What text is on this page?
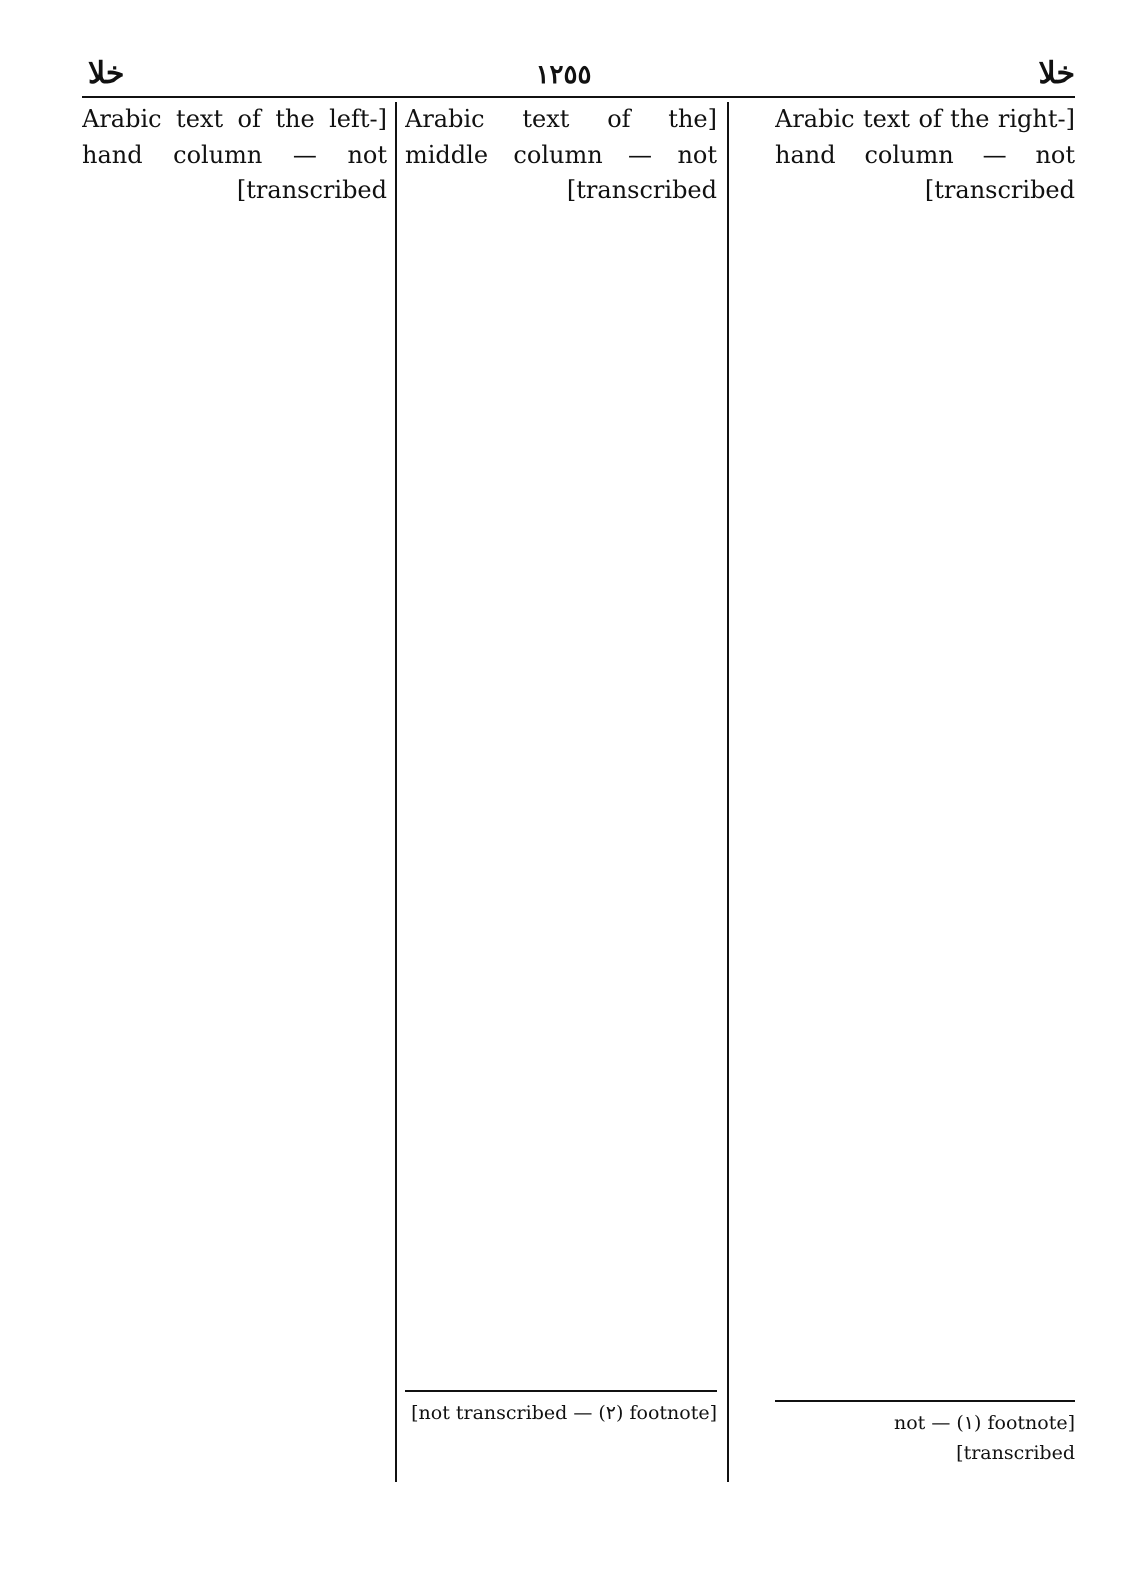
خلا
١٢٥٥
خلا
[Arabic text of the right-hand column — not transcribed]
[Arabic text of the middle column — not transcribed]
[Arabic text of the left-hand column — not transcribed]
[footnote (١) — not transcribed]
[footnote (٢) — not transcribed]
